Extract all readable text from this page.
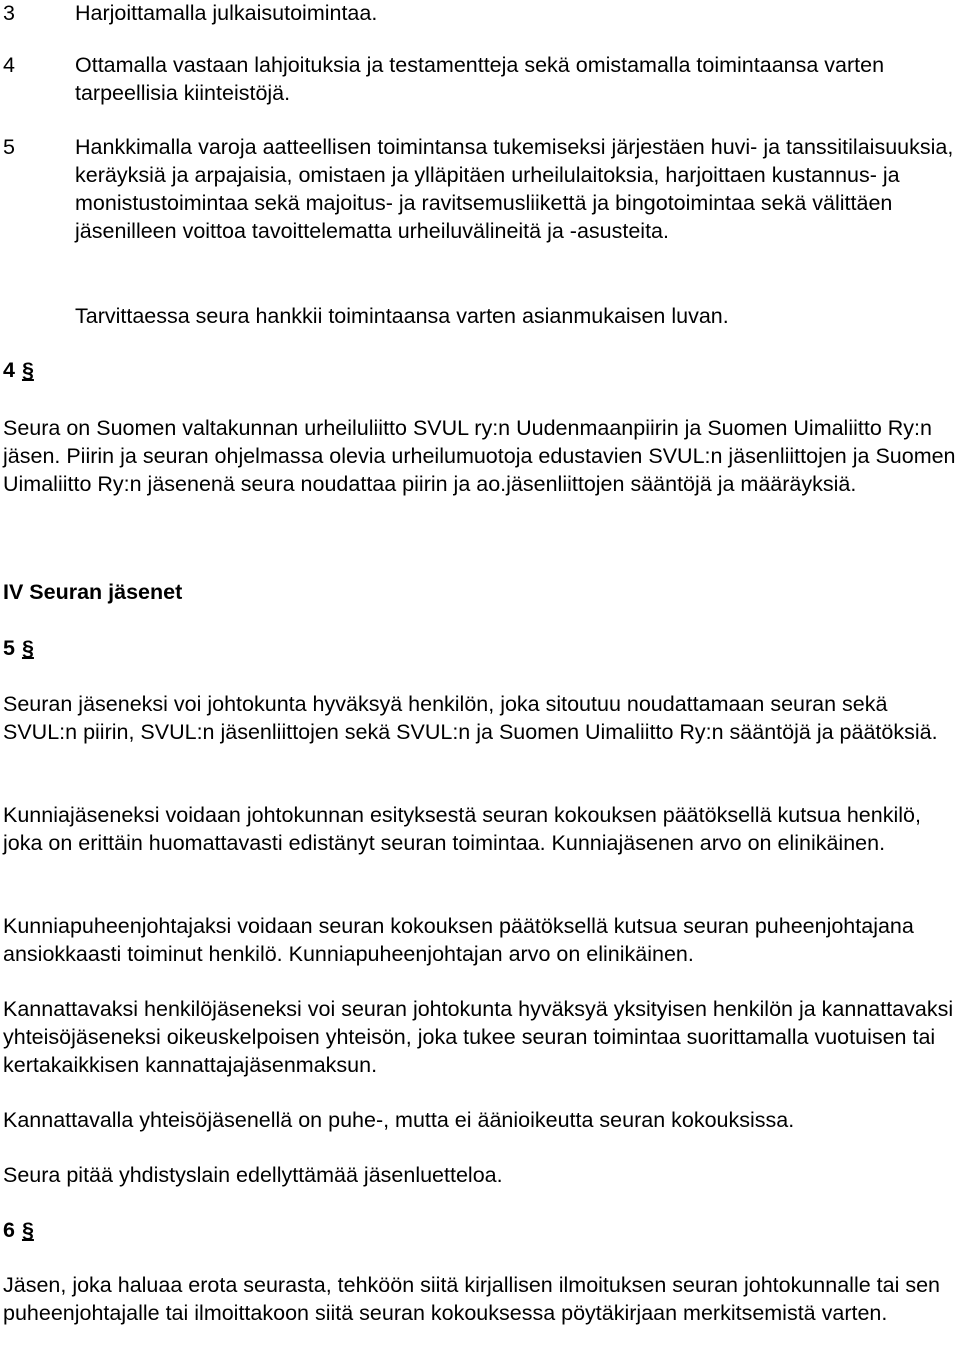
3	Harjoittamalla julkaisutoimintaa.

4	Ottamalla vastaan lahjoituksia ja testamentteja sekä omistamalla toimintaansa varten tarpeellisia kiinteistöjä.

5	Hankkimalla varoja aatteellisen toimintansa tukemiseksi järjestäen huvi- ja tanssitilaisuuksia, keräyksiä ja arpajaisia, omistaen ja ylläpitäen urheilulaitoksia, harjoittaen kustannus- ja monistustoimintaa sekä majoitus- ja ravitsemusliikettä ja bingotoimintaa sekä välittäen jäsenilleen voittoa tavoittelematta urheiluvälineitä ja -asusteita.

Tarvittaessa seura hankkii toimintaansa varten asianmukaisen luvan.

4 §

Seura on Suomen valtakunnan urheiluliitto SVUL ry:n Uudenmaanpiirin ja Suomen Uimaliitto Ry:n jäsen. Piirin ja seuran ohjelmassa olevia urheilumuotoja edustavien SVUL:n jäsenliittojen ja Suomen Uimaliitto Ry:n jäsenenä seura noudattaa piirin ja ao.jäsenliittojen sääntöjä ja määräyksiä.

IV Seuran jäsenet
5 §

Seuran jäseneksi voi johtokunta hyväksyä henkilön, joka sitoutuu noudattamaan seuran sekä SVUL:n piirin, SVUL:n jäsenliittojen sekä SVUL:n ja Suomen Uimaliitto Ry:n sääntöjä ja päätöksiä.

Kunniajäseneksi voidaan johtokunnan esityksestä seuran kokouksen päätöksellä kutsua henkilö, joka on erittäin huomattavasti edistänyt seuran toimintaa. Kunniajäsenen arvo on elinikäinen.

Kunniapuheenjohtajaksi voidaan seuran kokouksen päätöksellä kutsua seuran puheenjohtajana ansiokkaasti toiminut henkilö. Kunniapuheenjohtajan arvo on elinikäinen.

Kannattavaksi henkilöjäseneksi voi seuran johtokunta hyväksyä yksityisen henkilön ja kannattavaksi yhteisöjäseneksi oikeuskelpoisen yhteisön, joka tukee seuran toimintaa suorittamalla vuotuisen tai kertakaikkisen kannattajajäsenmaksun.

Kannattavalla yhteisöjäsenellä on puhe-, mutta ei äänioikeutta seuran kokouksissa.

Seura pitää yhdistyslain edellyttämää jäsenluetteloa.

6 §

Jäsen, joka haluaa erota seurasta, tehköön siitä kirjallisen ilmoituksen seuran johtokunnalle tai sen puheenjohtajalle tai ilmoittakoon siitä seuran kokouksessa pöytäkirjaan merkitsemistä varten.
